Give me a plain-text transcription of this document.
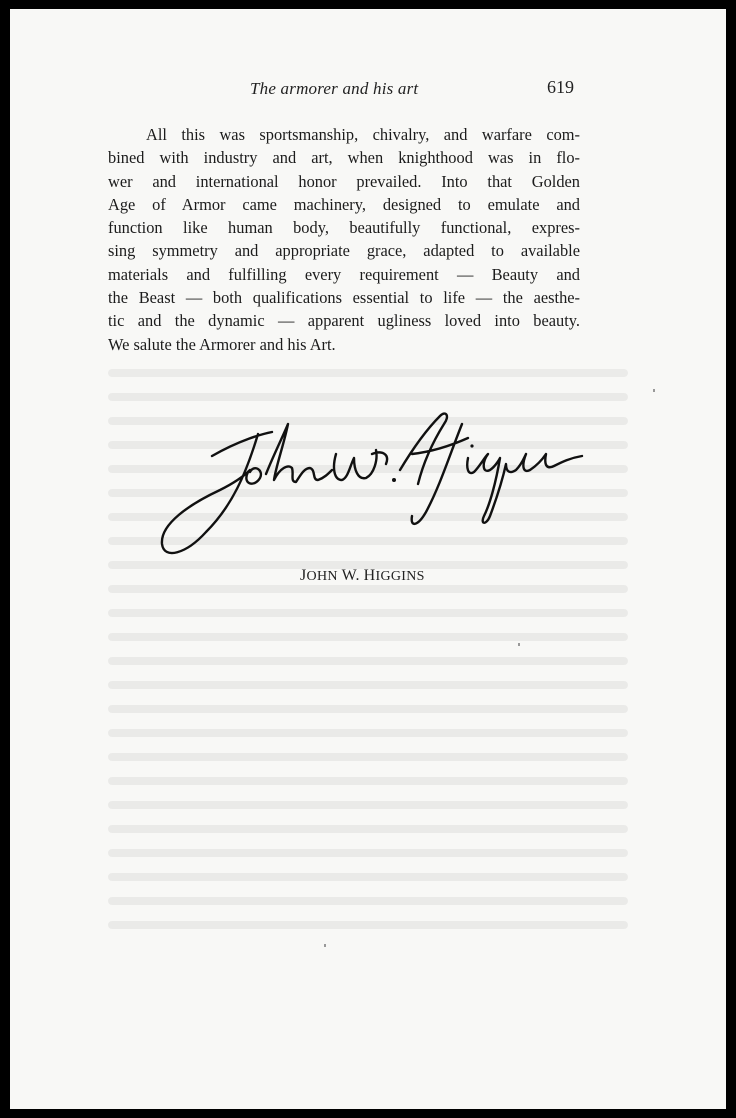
The armorer and his art	619
All this was sportsmanship, chivalry, and warfare com-
bined with industry and art, when knighthood was in flo-
wer and international honor prevailed. Into that Golden
Age of Armor came machinery, designed to emulate and
function like human body, beautifully functional, expres-
sing symmetry and appropriate grace, adapted to available
materials and fulfilling every requirement — Beauty and
the Beast — both qualifications essential to life — the aesthe-
tic and the dynamic — apparent ugliness loved into beauty.
We salute the Armorer and his Art.
JOHN W. HIGGINS
